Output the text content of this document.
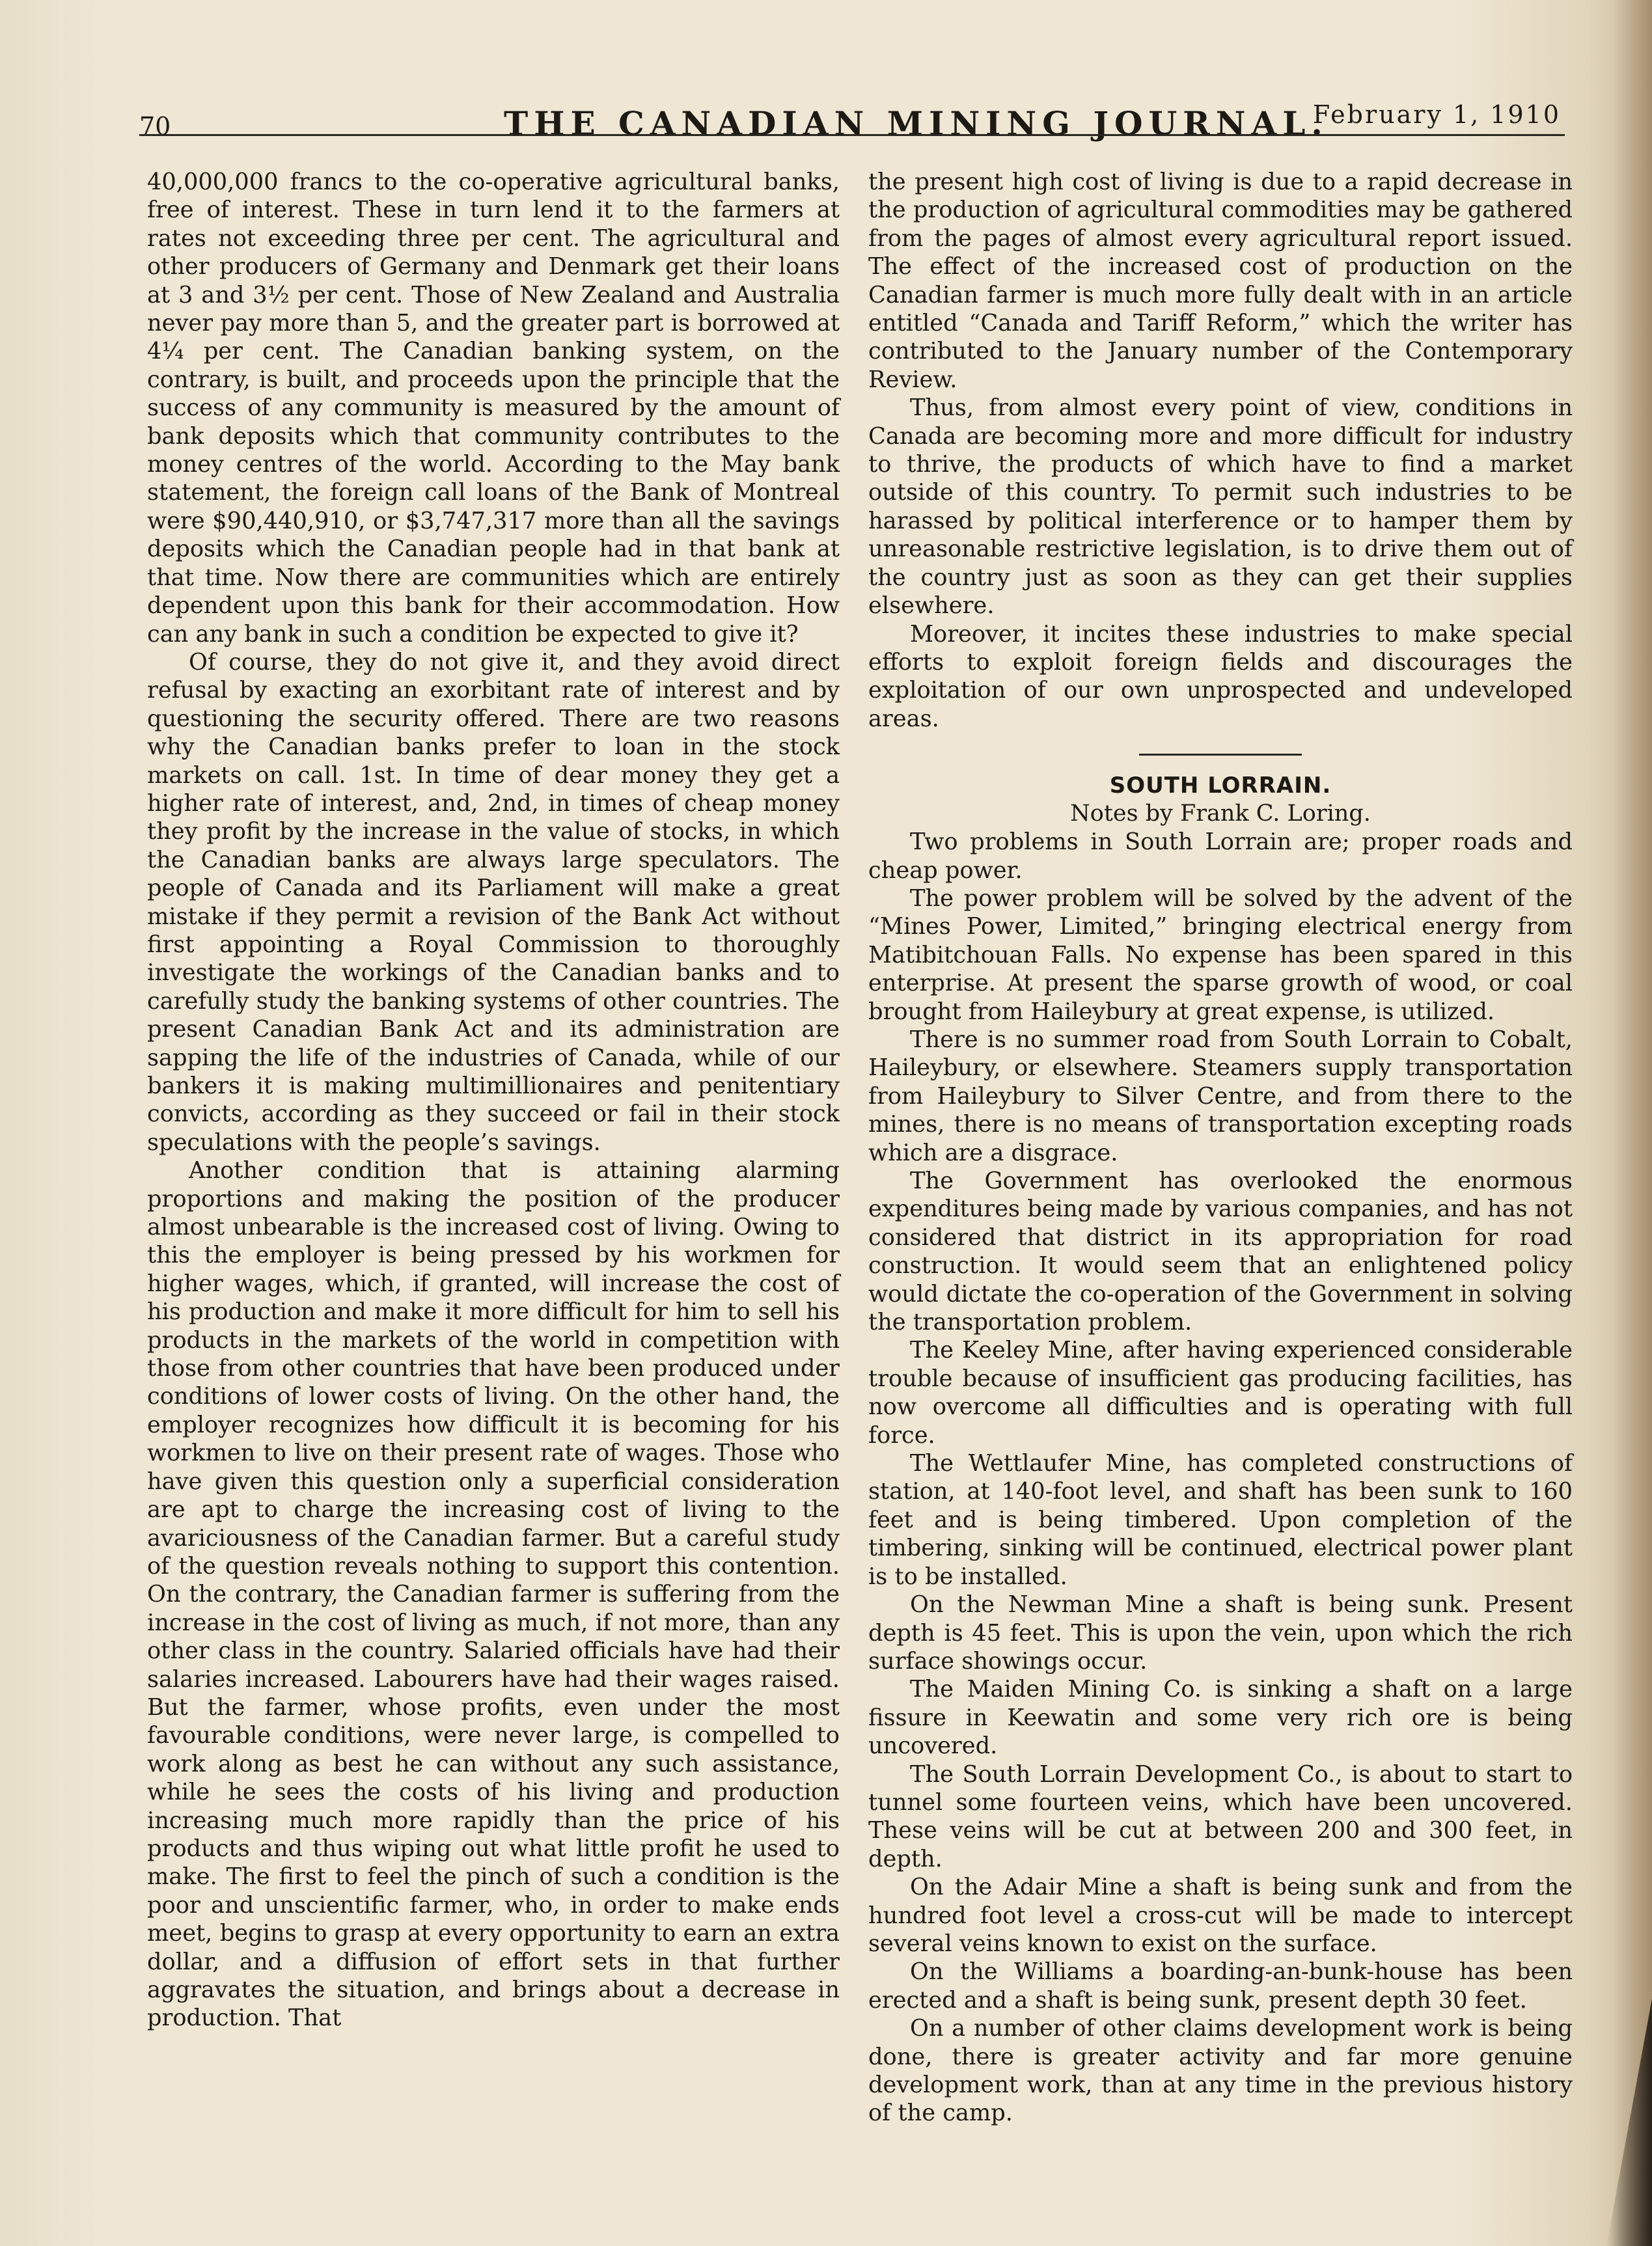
70	THE CANADIAN MINING JOURNAL.
February 1, 1910

40,000,000 francs to the co-operative agricultural banks, free of interest. These in turn lend it to the farmers at rates not exceeding three per cent. The agricultural and other producers of Germany and Denmark get their loans at 3 and 3½ per cent. Those of New Zealand and Australia never pay more than 5, and the greater part is borrowed at 4¼ per cent. The Canadian banking system, on the contrary, is built, and proceeds upon the principle that the success of any community is measured by the amount of bank deposits which that community contributes to the money centres of the world. According to the May bank statement, the foreign call loans of the Bank of Montreal were $90,440,910, or $3,747,317 more than all the savings deposits which the Canadian people had in that bank at that time. Now there are communities which are entirely dependent upon this bank for their accommodation. How can any bank in such a condition be expected to give it?

Of course, they do not give it, and they avoid direct refusal by exacting an exorbitant rate of interest and by questioning the security offered. There are two reasons why the Canadian banks prefer to loan in the stock markets on call. 1st. In time of dear money they get a higher rate of interest, and, 2nd, in times of cheap money they profit by the increase in the value of stocks, in which the Canadian banks are always large speculators. The people of Canada and its Parliament will make a great mistake if they permit a revision of the Bank Act without first appointing a Royal Commission to thoroughly investigate the workings of the Canadian banks and to carefully study the banking systems of other countries. The present Canadian Bank Act and its administration are sapping the life of the industries of Canada, while of our bankers it is making multimillionaires and penitentiary convicts, according as they succeed or fail in their stock speculations with the people’s savings.

Another condition that is attaining alarming proportions and making the position of the producer almost unbearable is the increased cost of living. Owing to this the employer is being pressed by his workmen for higher wages, which, if granted, will increase the cost of his production and make it more difficult for him to sell his products in the markets of the world in competition with those from other countries that have been produced under conditions of lower costs of living. On the other hand, the employer recognizes how difficult it is becoming for his workmen to live on their present rate of wages. Those who have given this question only a superficial consideration are apt to charge the increasing cost of living to the avariciousness of the Canadian farmer. But a careful study of the question reveals nothing to support this contention. On the contrary, the Canadian farmer is suffering from the increase in the cost of living as much, if not more, than any other class in the country. Salaried officials have had their salaries increased. Labourers have had their wages raised. But the farmer, whose profits, even under the most favourable conditions, were never large, is compelled to work along as best he can without any such assistance, while he sees the costs of his living and production increasing much more rapidly than the price of his products and thus wiping out what little profit he used to make. The first to feel the pinch of such a condition is the poor and unscientific farmer, who, in order to make ends meet, begins to grasp at every opportunity to earn an extra dollar, and a diffusion of effort sets in that further aggravates the situation, and brings about a decrease in production. That

the present high cost of living is due to a rapid decrease in the production of agricultural commodities may be gathered from the pages of almost every agricultural report issued. The effect of the increased cost of production on the Canadian farmer is much more fully dealt with in an article entitled “Canada and Tariff Reform,” which the writer has contributed to the January number of the Contemporary Review.

Thus, from almost every point of view, conditions in Canada are becoming more and more difficult for industry to thrive, the products of which have to find a market outside of this country. To permit such industries to be harassed by political interference or to hamper them by unreasonable restrictive legislation, is to drive them out of the country just as soon as they can get their supplies elsewhere.

Moreover, it incites these industries to make special efforts to exploit foreign fields and discourages the exploitation of our own unprospected and undeveloped areas.

SOUTH LORRAIN.
Notes by Frank C. Loring.

Two problems in South Lorrain are; proper roads and cheap power.

The power problem will be solved by the advent of the “Mines Power, Limited,” bringing electrical energy from Matibitchouan Falls. No expense has been spared in this enterprise. At present the sparse growth of wood, or coal brought from Haileybury at great expense, is utilized.

There is no summer road from South Lorrain to Cobalt, Haileybury, or elsewhere. Steamers supply transportation from Haileybury to Silver Centre, and from there to the mines, there is no means of transportation excepting roads which are a disgrace.

The Government has overlooked the enormous expenditures being made by various companies, and has not considered that district in its appropriation for road construction. It would seem that an enlightened policy would dictate the co-operation of the Government in solving the transportation problem.

The Keeley Mine, after having experienced considerable trouble because of insufficient gas producing facilities, has now overcome all difficulties and is operating with full force.

The Wettlaufer Mine, has completed constructions of station, at 140-foot level, and shaft has been sunk to 160 feet and is being timbered. Upon completion of the timbering, sinking will be continued, electrical power plant is to be installed.

On the Newman Mine a shaft is being sunk. Present depth is 45 feet. This is upon the vein, upon which the rich surface showings occur.

The Maiden Mining Co. is sinking a shaft on a large fissure in Keewatin and some very rich ore is being uncovered.

The South Lorrain Development Co., is about to start to tunnel some fourteen veins, which have been uncovered. These veins will be cut at between 200 and 300 feet, in depth.

On the Adair Mine a shaft is being sunk and from the hundred foot level a cross-cut will be made to intercept several veins known to exist on the surface.

On the Williams a boarding-an-bunk-house has been erected and a shaft is being sunk, present depth 30 feet.

On a number of other claims development work is being done, there is greater activity and far more genuine development work, than at any time in the previous history of the camp.
